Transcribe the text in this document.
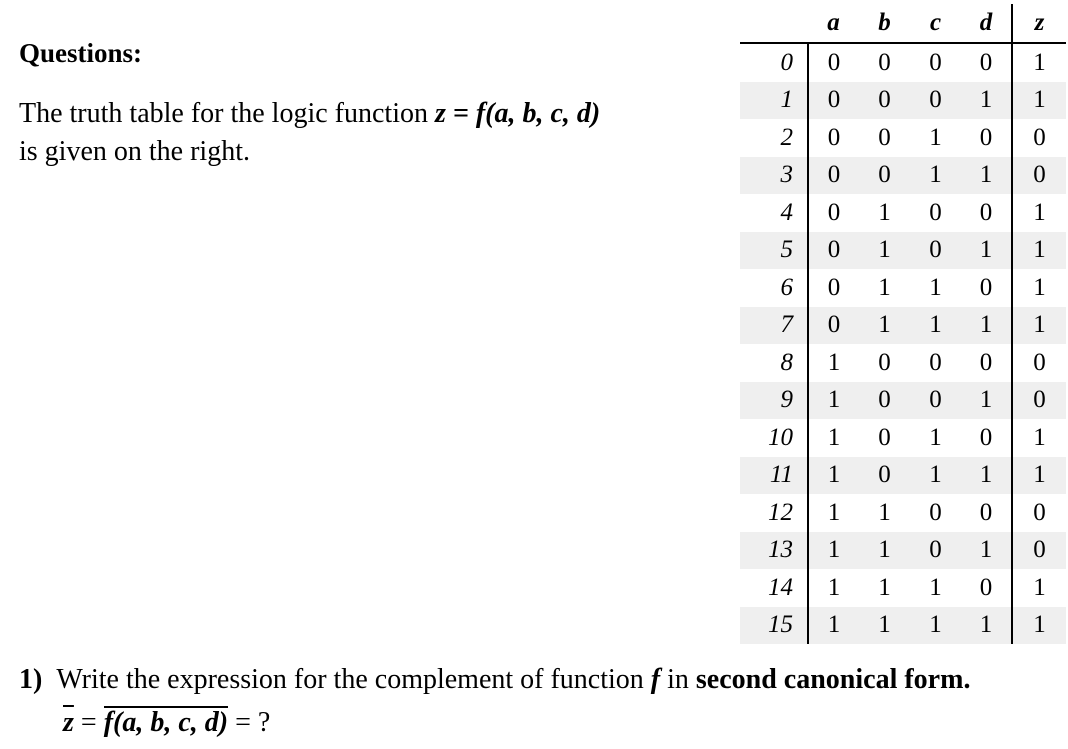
Questions:
The truth table for the logic function z = f(a, b, c, d)
is given on the right.
	a	b	c	d	z
0	0	0	0	0	1
1	0	0	0	1	1
2	0	0	1	0	0
3	0	0	1	1	0
4	0	1	0	0	1
5	0	1	0	1	1
6	0	1	1	0	1
7	0	1	1	1	1
8	1	0	0	0	0
9	1	0	0	1	0
10	1	0	1	0	1
11	1	0	1	1	1
12	1	1	0	0	0
13	1	1	0	1	0
14	1	1	1	0	1
15	1	1	1	1	1
1) Write the expression for the complement of function f in second canonical form.
$\overline{z} = f(a$, b, c, d) = ?
